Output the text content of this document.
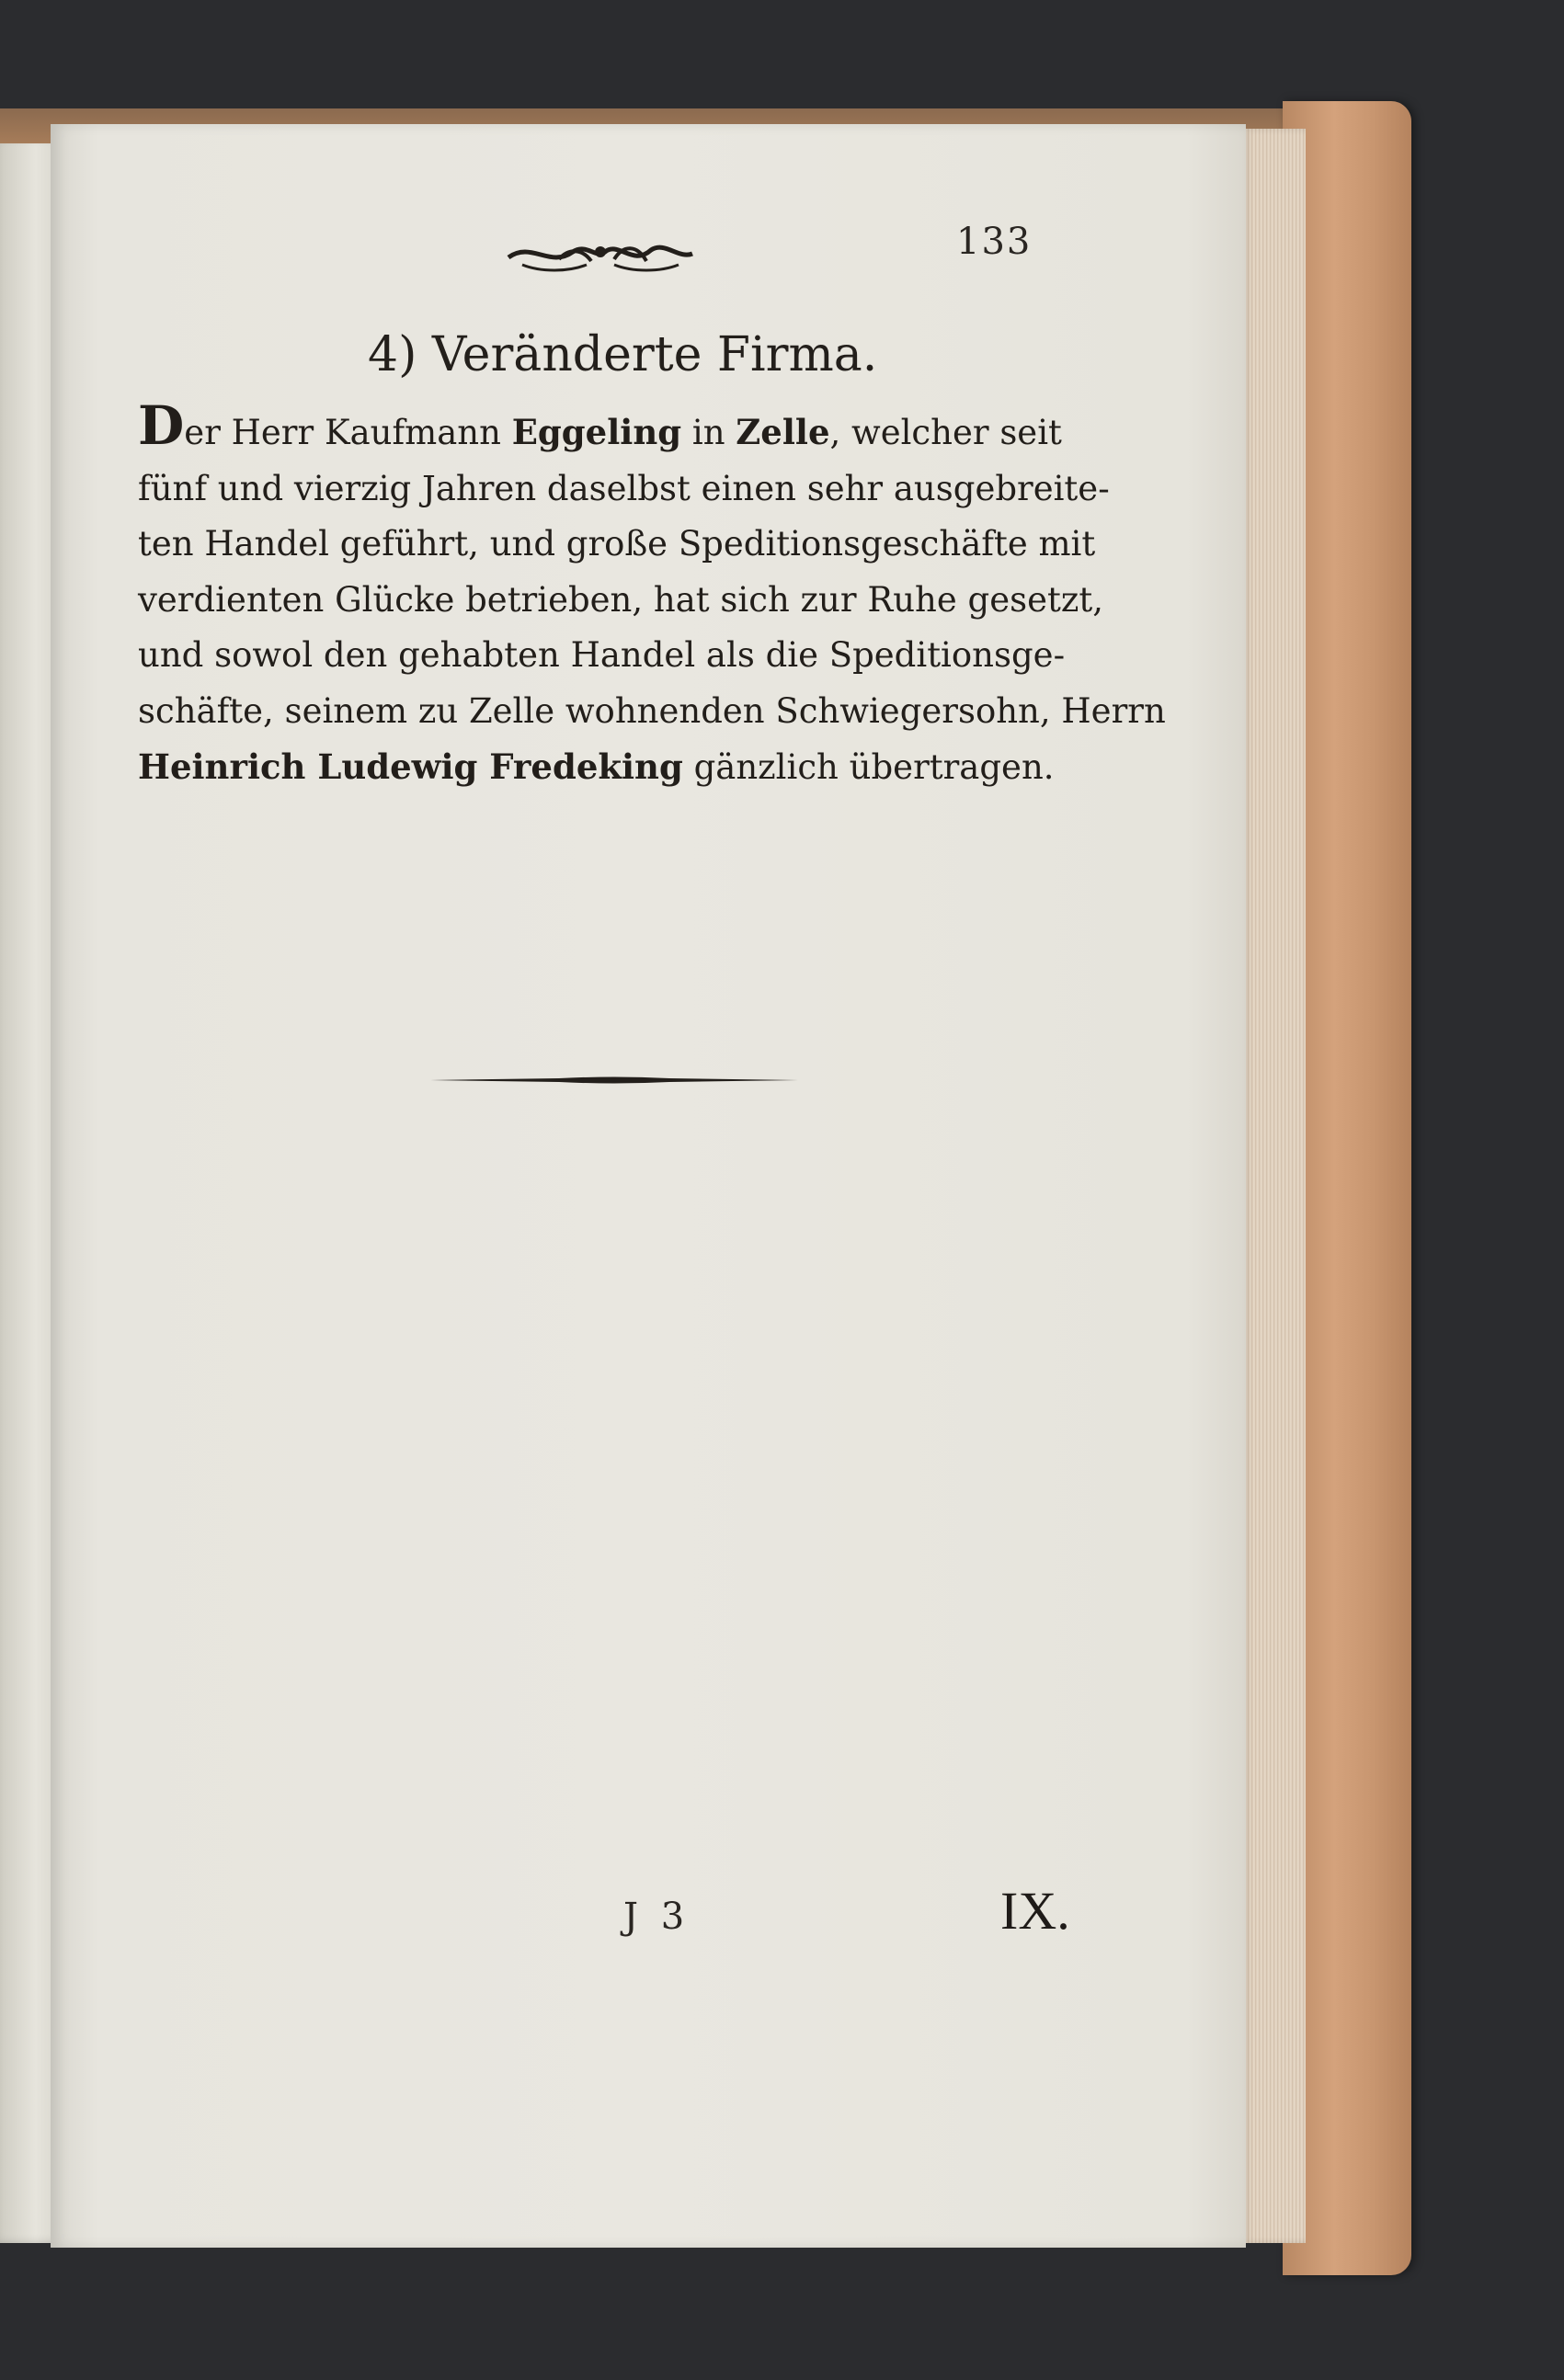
133
4) Veränderte Firma.

Der Herr Kaufmann Eggeling in Zelle, welcher seit
fünf und vierzig Jahren daselbst einen sehr ausgebreite-
ten Handel geführt, und große Speditionsgeschäfte mit
verdienten Glücke betrieben, hat sich zur Ruhe gesetzt,
und sowol den gehabten Handel als die Speditionsge-
schäfte, seinem zu Zelle wohnenden Schwiegersohn, Herrn
Heinrich Ludewig Fredeking gänzlich übertragen.

J 3	IX.
